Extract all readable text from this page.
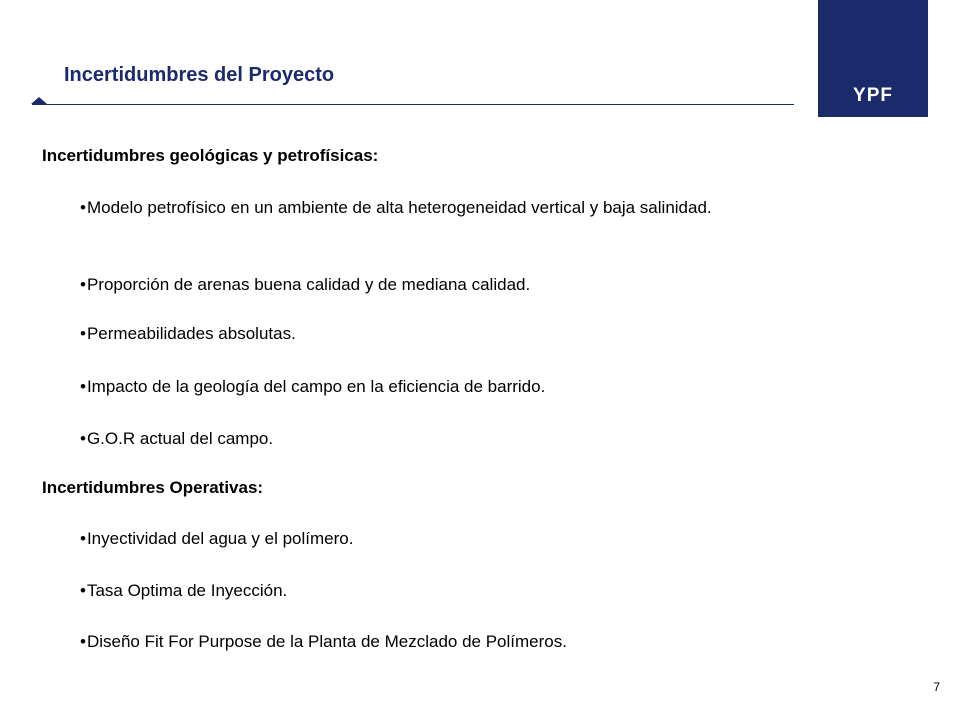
Incertidumbres del Proyecto
YPF

Incertidumbres geológicas y petrofísicas:

•Modelo petrofísico en un ambiente de alta heterogeneidad vertical y baja salinidad.

•Proporción de arenas buena calidad y de mediana calidad.

•Permeabilidades absolutas.

•Impacto de la geología del campo en la eficiencia de barrido.

•G.O.R actual del campo.

Incertidumbres Operativas:

•Inyectividad del agua y el polímero.

•Tasa Optima de Inyección.

•Diseño Fit For Purpose de la Planta de Mezclado de Polímeros.

7
